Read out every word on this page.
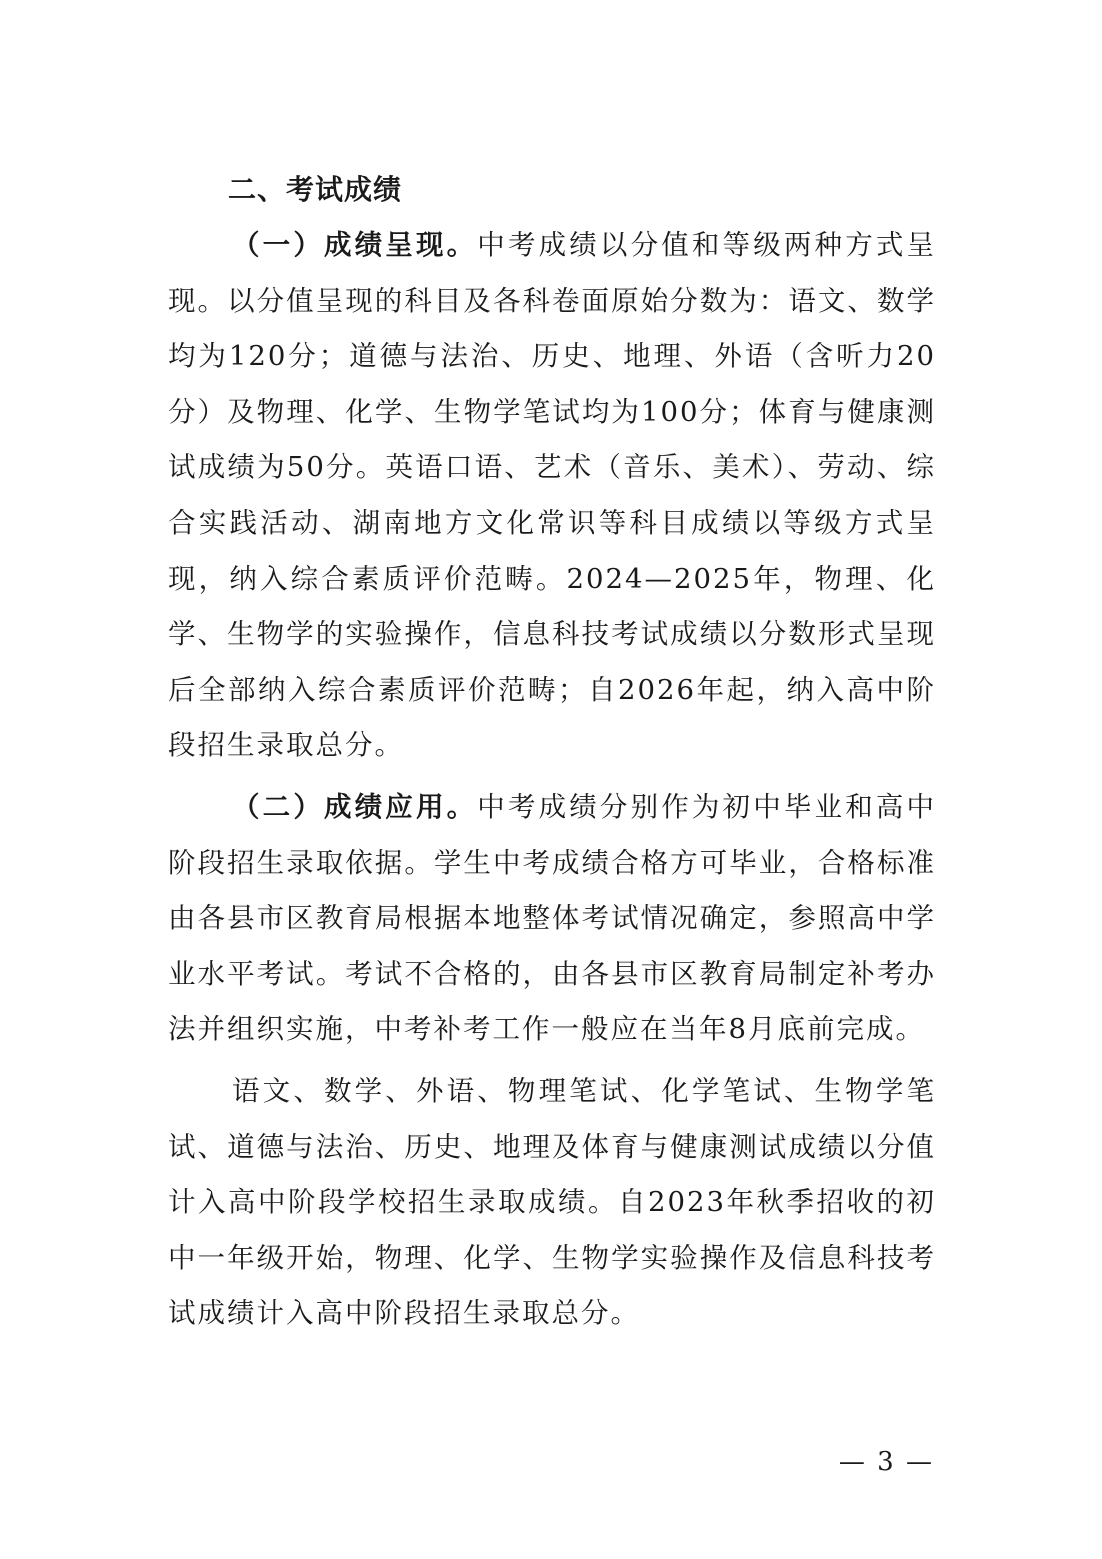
二、考试成绩

（一）成绩呈现。中考成绩以分值和等级两种方式呈现。以分值呈现的科目及各科卷面原始分数为：语文、数学均为120分；道德与法治、历史、地理、外语（含听力20分）及物理、化学、生物学笔试均为100分；体育与健康测试成绩为50分。英语口语、艺术（音乐、美术）、劳动、综合实践活动、湖南地方文化常识等科目成绩以等级方式呈现，纳入综合素质评价范畴。2024—2025年，物理、化学、生物学的实验操作，信息科技考试成绩以分数形式呈现后全部纳入综合素质评价范畴；自2026年起，纳入高中阶段招生录取总分。

（二）成绩应用。中考成绩分别作为初中毕业和高中阶段招生录取依据。学生中考成绩合格方可毕业，合格标准由各县市区教育局根据本地整体考试情况确定，参照高中学业水平考试。考试不合格的，由各县市区教育局制定补考办法并组织实施，中考补考工作一般应在当年8月底前完成。

语文、数学、外语、物理笔试、化学笔试、生物学笔试、道德与法治、历史、地理及体育与健康测试成绩以分值计入高中阶段学校招生录取成绩。自2023年秋季招收的初中一年级开始，物理、化学、生物学实验操作及信息科技考试成绩计入高中阶段招生录取总分。

— 3 —
